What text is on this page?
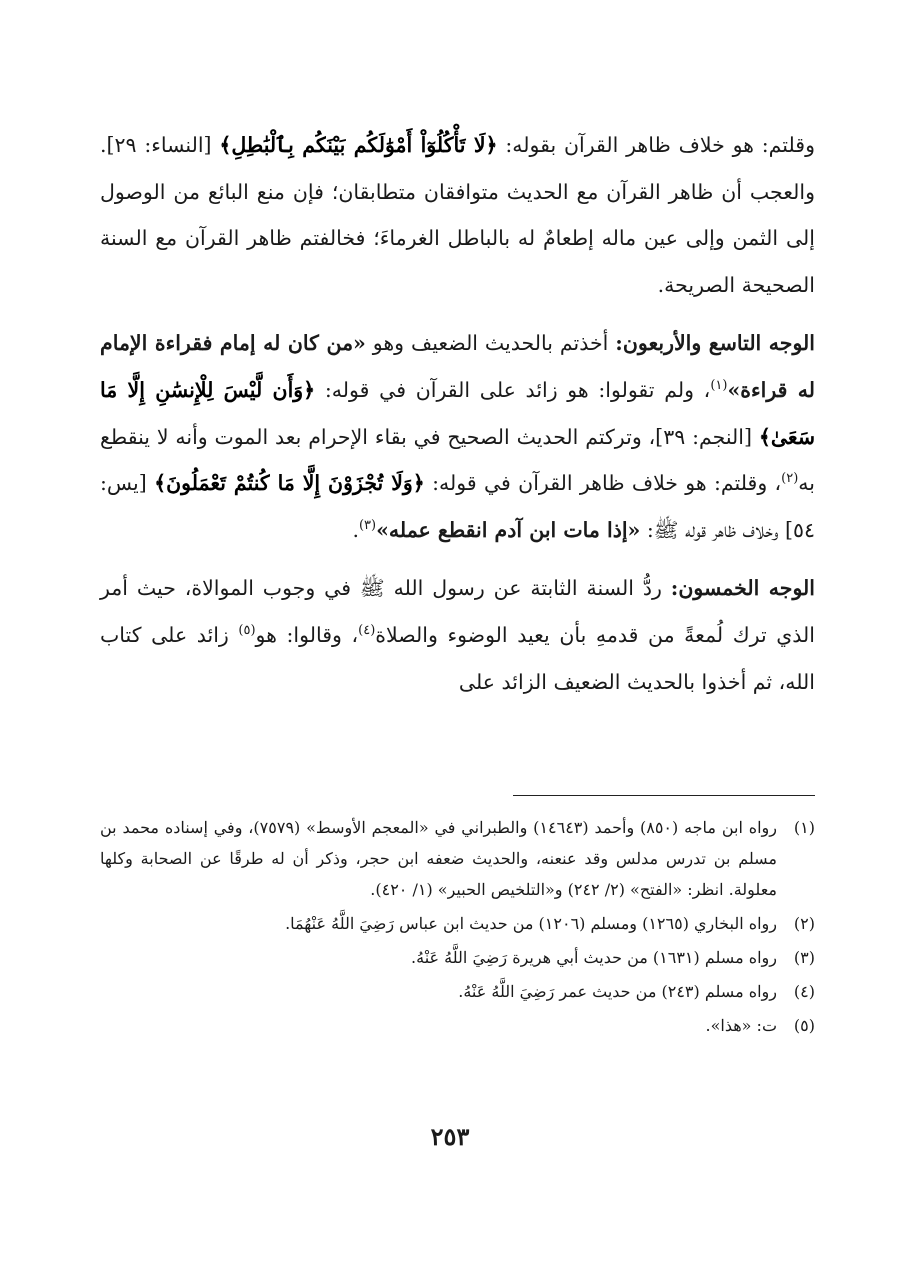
وقلتم: هو خلاف ظاهر القرآن بقوله: ﴿لَا تَأْكُلُوٓاْ أَمْوَٰلَكُم بَيْنَكُم بِٱلْبَٰطِلِ﴾ [النساء: ٢٩]. والعجب أن ظاهر القرآن مع الحديث متوافقان متطابقان؛ فإن منع البائع من الوصول إلى الثمن وإلى عين ماله إطعامٌ له بالباطل الغرماءَ؛ فخالفتم ظاهر القرآن مع السنة الصحيحة الصريحة.

الوجه التاسع والأربعون: أخذتم بالحديث الضعيف وهو «من كان له إمام فقراءة الإمام له قراءة»$^{(١)}$، ولم تقولوا: هو زائد على القرآن في قوله: ﴿وَأَن لَّيْسَ لِلْإِنسَٰنِ إِلَّا مَا سَعَىٰ﴾ [النجم: ٣٩]، وتركتم الحديث الصحيح في بقاء الإحرام بعد الموت وأنه لا ينقطع به$^{(٢)}$، وقلتم: هو خلاف ظاهر القرآن في قوله: ﴿وَلَا تُجْزَوْنَ إِلَّا مَا كُنتُمْ تَعْمَلُونَ﴾ [يس: ٥٤] وخلاف ظاهر قوله ﷺ: «إذا مات ابن آدم انقطع عمله»$^{(٣)}$.

الوجه الخمسون: ردُّ السنة الثابتة عن رسول الله ﷺ في وجوب الموالاة، حيث أمر الذي ترك لُمعةً من قدمهِ بأن يعيد الوضوء والصلاة$^{(٤)}$، وقالوا: هو$^{(٥)}$ زائد على كتاب الله، ثم أخذوا بالحديث الضعيف الزائد على

(١)
رواه ابن ماجه (٨٥٠) وأحمد (١٤٦٤٣) والطبراني في «المعجم الأوسط» (٧٥٧٩)، وفي إسناده محمد بن مسلم بن تدرس مدلس وقد عنعنه، والحديث ضعفه ابن حجر، وذكر أن له طرقًا عن الصحابة وكلها معلولة. انظر: «الفتح» (٢/ ٢٤٢) و«التلخيص الحبير» (١/ ٤٢٠).
(٢)
رواه البخاري (١٢٦٥) ومسلم (١٢٠٦) من حديث ابن عباس رَضِيَ اللَّهُ عَنْهُمَا.
(٣)
رواه مسلم (١٦٣١) من حديث أبي هريرة رَضِيَ اللَّهُ عَنْهُ.
(٤)
رواه مسلم (٢٤٣) من حديث عمر رَضِيَ اللَّهُ عَنْهُ.
(٥)
ت: «هذا».
٢٥٣
